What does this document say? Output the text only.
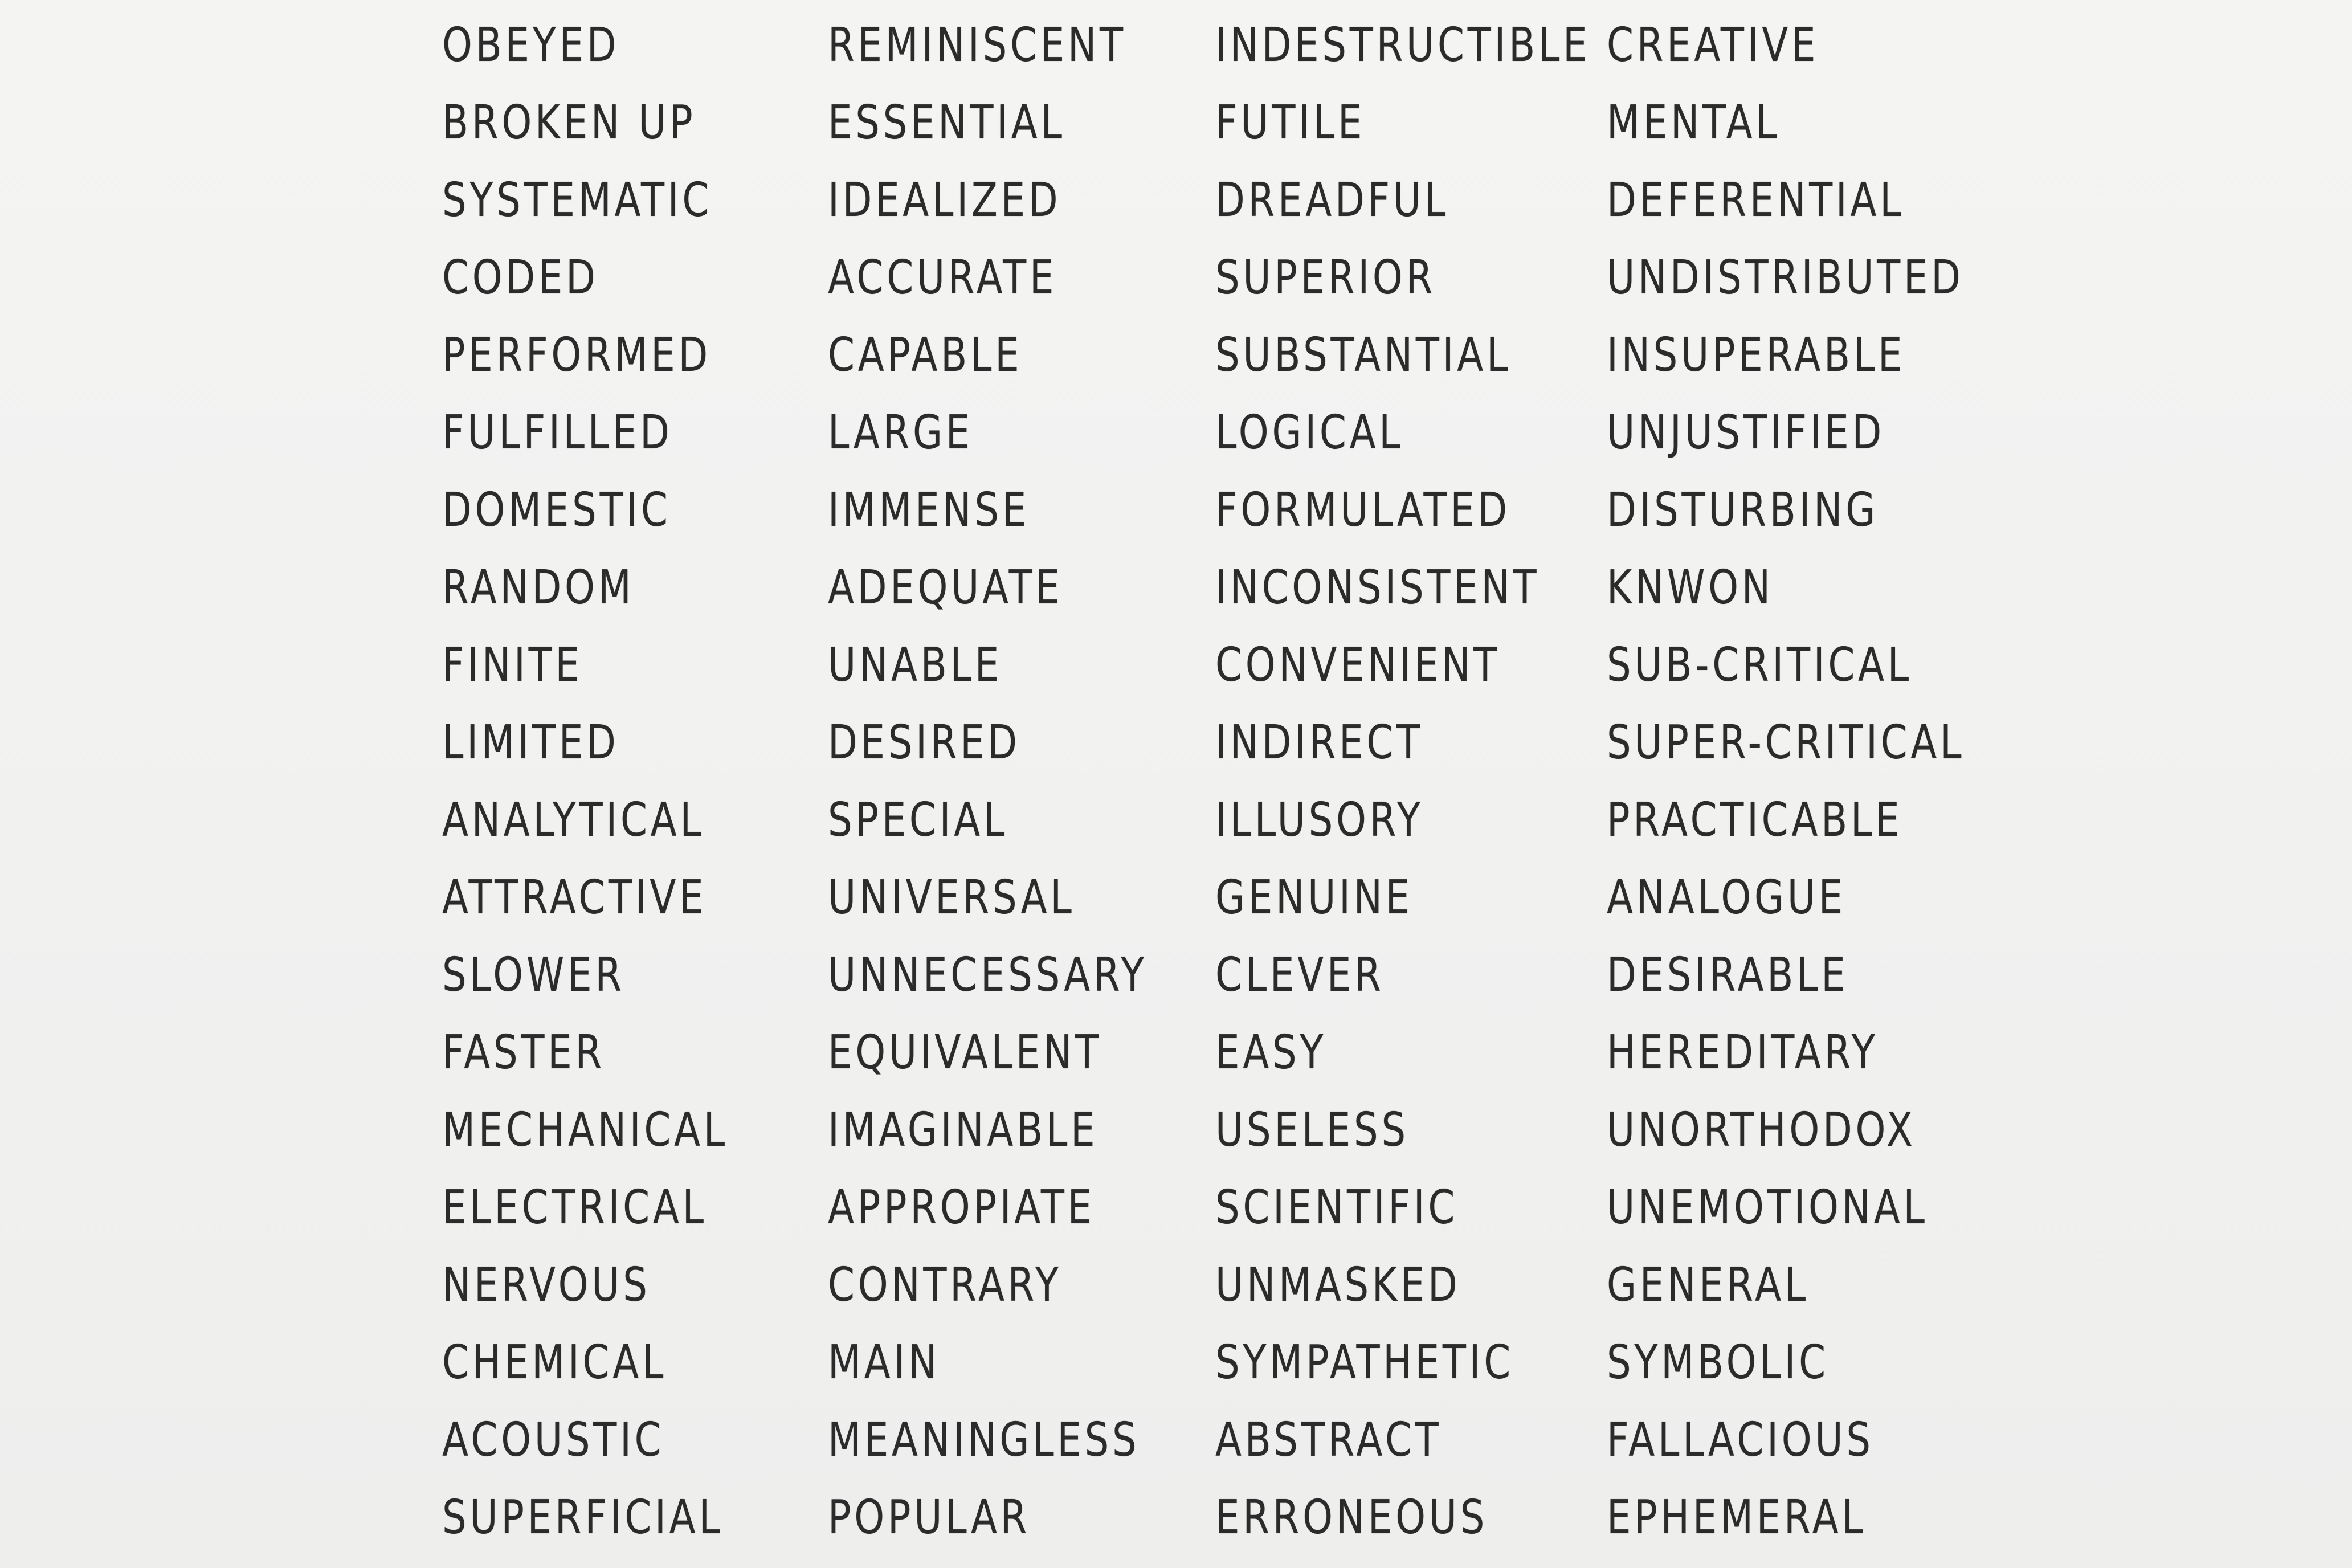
OBEYED
BROKEN UP
SYSTEMATIC
CODED
PERFORMED
FULFILLED
DOMESTIC
RANDOM
FINITE
LIMITED
ANALYTICAL
ATTRACTIVE
SLOWER
FASTER
MECHANICAL
ELECTRICAL
NERVOUS
CHEMICAL
ACOUSTIC
SUPERFICIAL
REMINISCENT
ESSENTIAL
IDEALIZED
ACCURATE
CAPABLE
LARGE
IMMENSE
ADEQUATE
UNABLE
DESIRED
SPECIAL
UNIVERSAL
UNNECESSARY
EQUIVALENT
IMAGINABLE
APPROPIATE
CONTRARY
MAIN
MEANINGLESS
POPULAR
INDESTRUCTIBLE
FUTILE
DREADFUL
SUPERIOR
SUBSTANTIAL
LOGICAL
FORMULATED
INCONSISTENT
CONVENIENT
INDIRECT
ILLUSORY
GENUINE
CLEVER
EASY
USELESS
SCIENTIFIC
UNMASKED
SYMPATHETIC
ABSTRACT
ERRONEOUS
CREATIVE
MENTAL
DEFERENTIAL
UNDISTRIBUTED
INSUPERABLE
UNJUSTIFIED
DISTURBING
KNWON
SUB-CRITICAL
SUPER-CRITICAL
PRACTICABLE
ANALOGUE
DESIRABLE
HEREDITARY
UNORTHODOX
UNEMOTIONAL
GENERAL
SYMBOLIC
FALLACIOUS
EPHEMERAL
